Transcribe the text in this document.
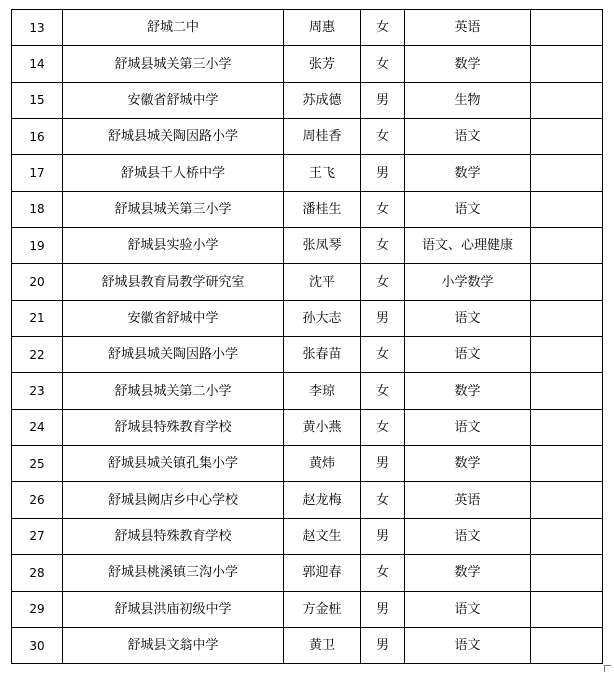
13	舒城二中	周惠	女	英语	
14	舒城县城关第三小学	张芳	女	数学	
15	安徽省舒城中学	苏成德	男	生物	
16	舒城县城关陶因路小学	周桂香	女	语文	
17	舒城县千人桥中学	王飞	男	数学	
18	舒城县城关第三小学	潘桂生	女	语文	
19	舒城县实验小学	张凤琴	女	语文、心理健康	
20	舒城县教育局教学研究室	沈平	女	小学数学	
21	安徽省舒城中学	孙大志	男	语文	
22	舒城县城关陶因路小学	张春苗	女	语文	
23	舒城县城关第二小学	李琼	女	数学	
24	舒城县特殊教育学校	黄小燕	女	语文	
25	舒城县城关镇孔集小学	黄炜	男	数学	
26	舒城县阙店乡中心学校	赵龙梅	女	英语	
27	舒城县特殊教育学校	赵文生	男	语文	
28	舒城县桃溪镇三沟小学	郭迎春	女	数学	
29	舒城县洪庙初级中学	方金桩	男	语文	
30	舒城县文翁中学	黄卫	男	语文	
